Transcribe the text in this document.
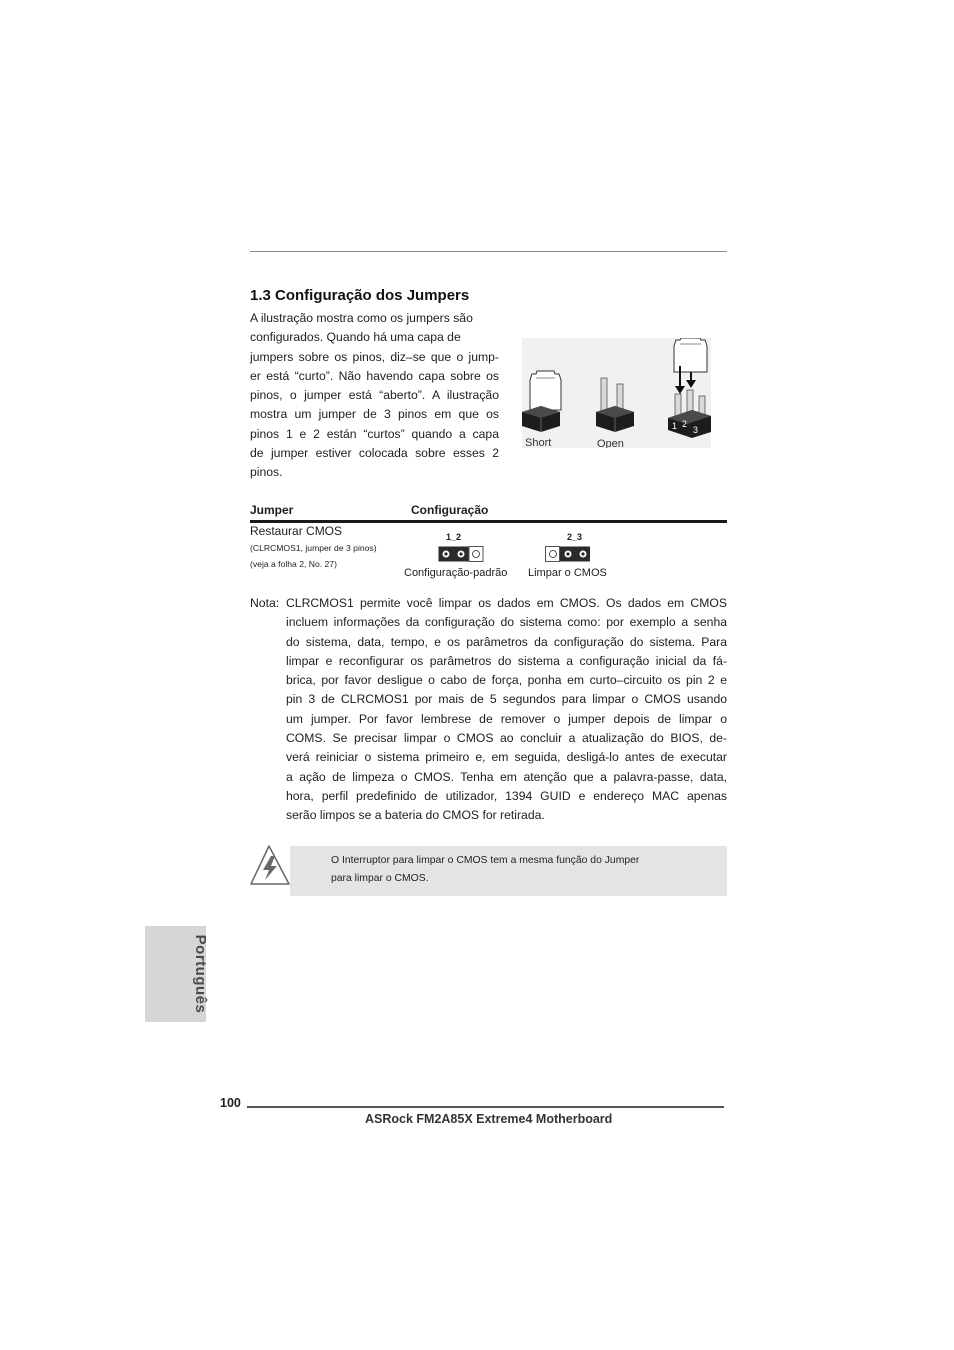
1.3 Configuração dos Jumpers
A ilustração mostra como os jumpers são
configurados. Quando há uma capa de
jumpers sobre os pinos, diz–se que o jump-
er está “curto”. Não havendo capa sobre os
pinos, o jumper está “aberto”. A ilustração
mostra um jumper de 3 pinos em que os
pinos 1 e 2 están “curtos” quando a capa
de jumper estiver colocada sobre esses 2
pinos.
Short	Open
1 2
3
Jumper	Configuração
Restaurar CMOS
(CLRCMOS1, jumper de 3 pinos)
(veja a folha 2, No. 27)
1_2
Configuração-padrão
2_3
Limpar o CMOS
Nota: CLRCMOS1 permite você limpar os dados em CMOS. Os dados em CMOS
incluem informações da configuração do sistema como: por exemplo a senha
do sistema, data, tempo, e os parâmetros da configuração do sistema. Para
limpar e reconfigurar os parâmetros do sistema a configuração inicial da fá-
brica, por favor desligue o cabo de força, ponha em curto–circuito os pin 2 e
pin 3 de CLRCMOS1 por mais de 5 segundos para limpar o CMOS usando
um jumper. Por favor lembrese de remover o jumper depois de limpar o
COMS. Se precisar limpar o CMOS ao concluir a atualização do BIOS, de-
verá reiniciar o sistema primeiro e, em seguida, desligá-lo antes de executar
a ação de limpeza o CMOS. Tenha em atenção que a palavra-passe, data,
hora, perfil predefinido de utilizador, 1394 GUID e endereço MAC apenas
serão limpos se a bateria do CMOS for retirada.
O Interruptor para limpar o CMOS tem a mesma função do Jumper
para limpar o CMOS.
Português
100
ASRock FM2A85X Extreme4 Motherboard
